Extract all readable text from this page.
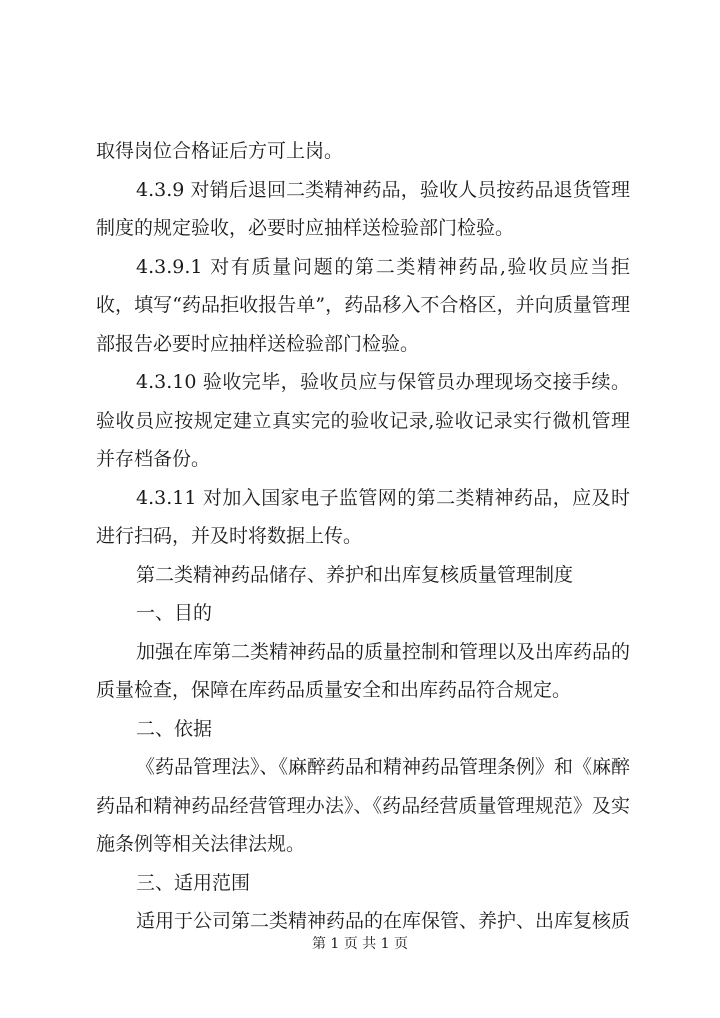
取得岗位合格证后方可上岗。

4.3.9 对销后退回二类精神药品，验收人员按药品退货管理制度的规定验收，必要时应抽样送检验部门检验。

4.3.9.1 对有质量问题的第二类精神药品,验收员应当拒收，填写“药品拒收报告单”，药品移入不合格区，并向质量管理部报告必要时应抽样送检验部门检验。

4.3.10 验收完毕，验收员应与保管员办理现场交接手续。验收员应按规定建立真实完的验收记录,验收记录实行微机管理并存档备份。

4.3.11 对加入国家电子监管网的第二类精神药品，应及时进行扫码，并及时将数据上传。

第二类精神药品储存、养护和出库复核质量管理制度

一、目的

加强在库第二类精神药品的质量控制和管理以及出库药品的质量检查，保障在库药品质量安全和出库药品符合规定。

二、依据

《药品管理法》、《麻醉药品和精神药品管理条例》和《麻醉药品和精神药品经营管理办法》、《药品经营质量管理规范》及实施条例等相关法律法规。

三、适用范围

适用于公司第二类精神药品的在库保管、养护、出库复核质

第 1 页 共 1 页
